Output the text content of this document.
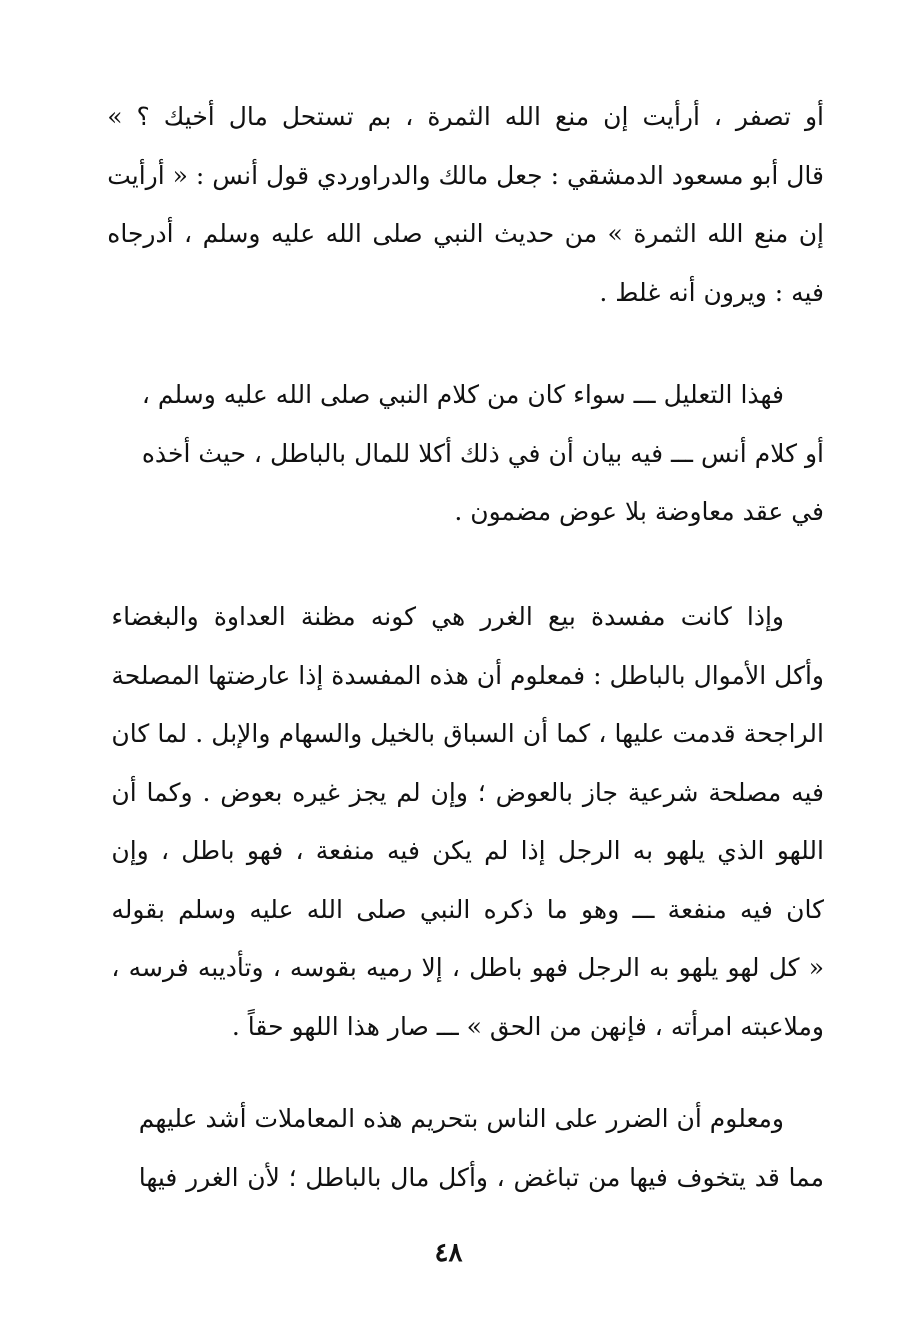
أو تصفر ، أرأيت إن منع الله الثمرة ، بم تستحل مال أخيك ؟ »
قال أبو مسعود الدمشقي : جعل مالك والدراوردي قول أنس : « أرأيت
إن منع الله الثمرة » من حديث النبي صلى الله عليه وسلم ، أدرجاه
فيه : ويرون أنه غلط .
فهذا التعليل ـــ سواء كان من كلام النبي صلى الله عليه وسلم ،
أو كلام أنس ـــ فيه بيان أن في ذلك أكلا للمال بالباطل ، حيث أخذه
في عقد معاوضة بلا عوض مضمون .
وإذا كانت مفسدة بيع الغرر هي كونه مظنة العداوة والبغضاء
وأكل الأموال بالباطل : فمعلوم أن هذه المفسدة إذا عارضتها المصلحة
الراجحة قدمت عليها ، كما أن السباق بالخيل والسهام والإبل . لما كان
فيه مصلحة شرعية جاز بالعوض ؛ وإن لم يجز غيره بعوض . وكما أن
اللهو الذي يلهو به الرجل إذا لم يكن فيه منفعة ، فهو باطل ، وإن
كان فيه منفعة ـــ وهو ما ذكره النبي صلى الله عليه وسلم بقوله
« كل لهو يلهو به الرجل فهو باطل ، إلا رميه بقوسه ، وتأديبه فرسه ،
وملاعبته امرأته ، فإنهن من الحق » ـــ صار هذا اللهو حقاً .
ومعلوم أن الضرر على الناس بتحريم هذه المعاملات أشد عليهم
مما قد يتخوف فيها من تباغض ، وأكل مال بالباطل ؛ لأن الغرر فيها
٤٨
